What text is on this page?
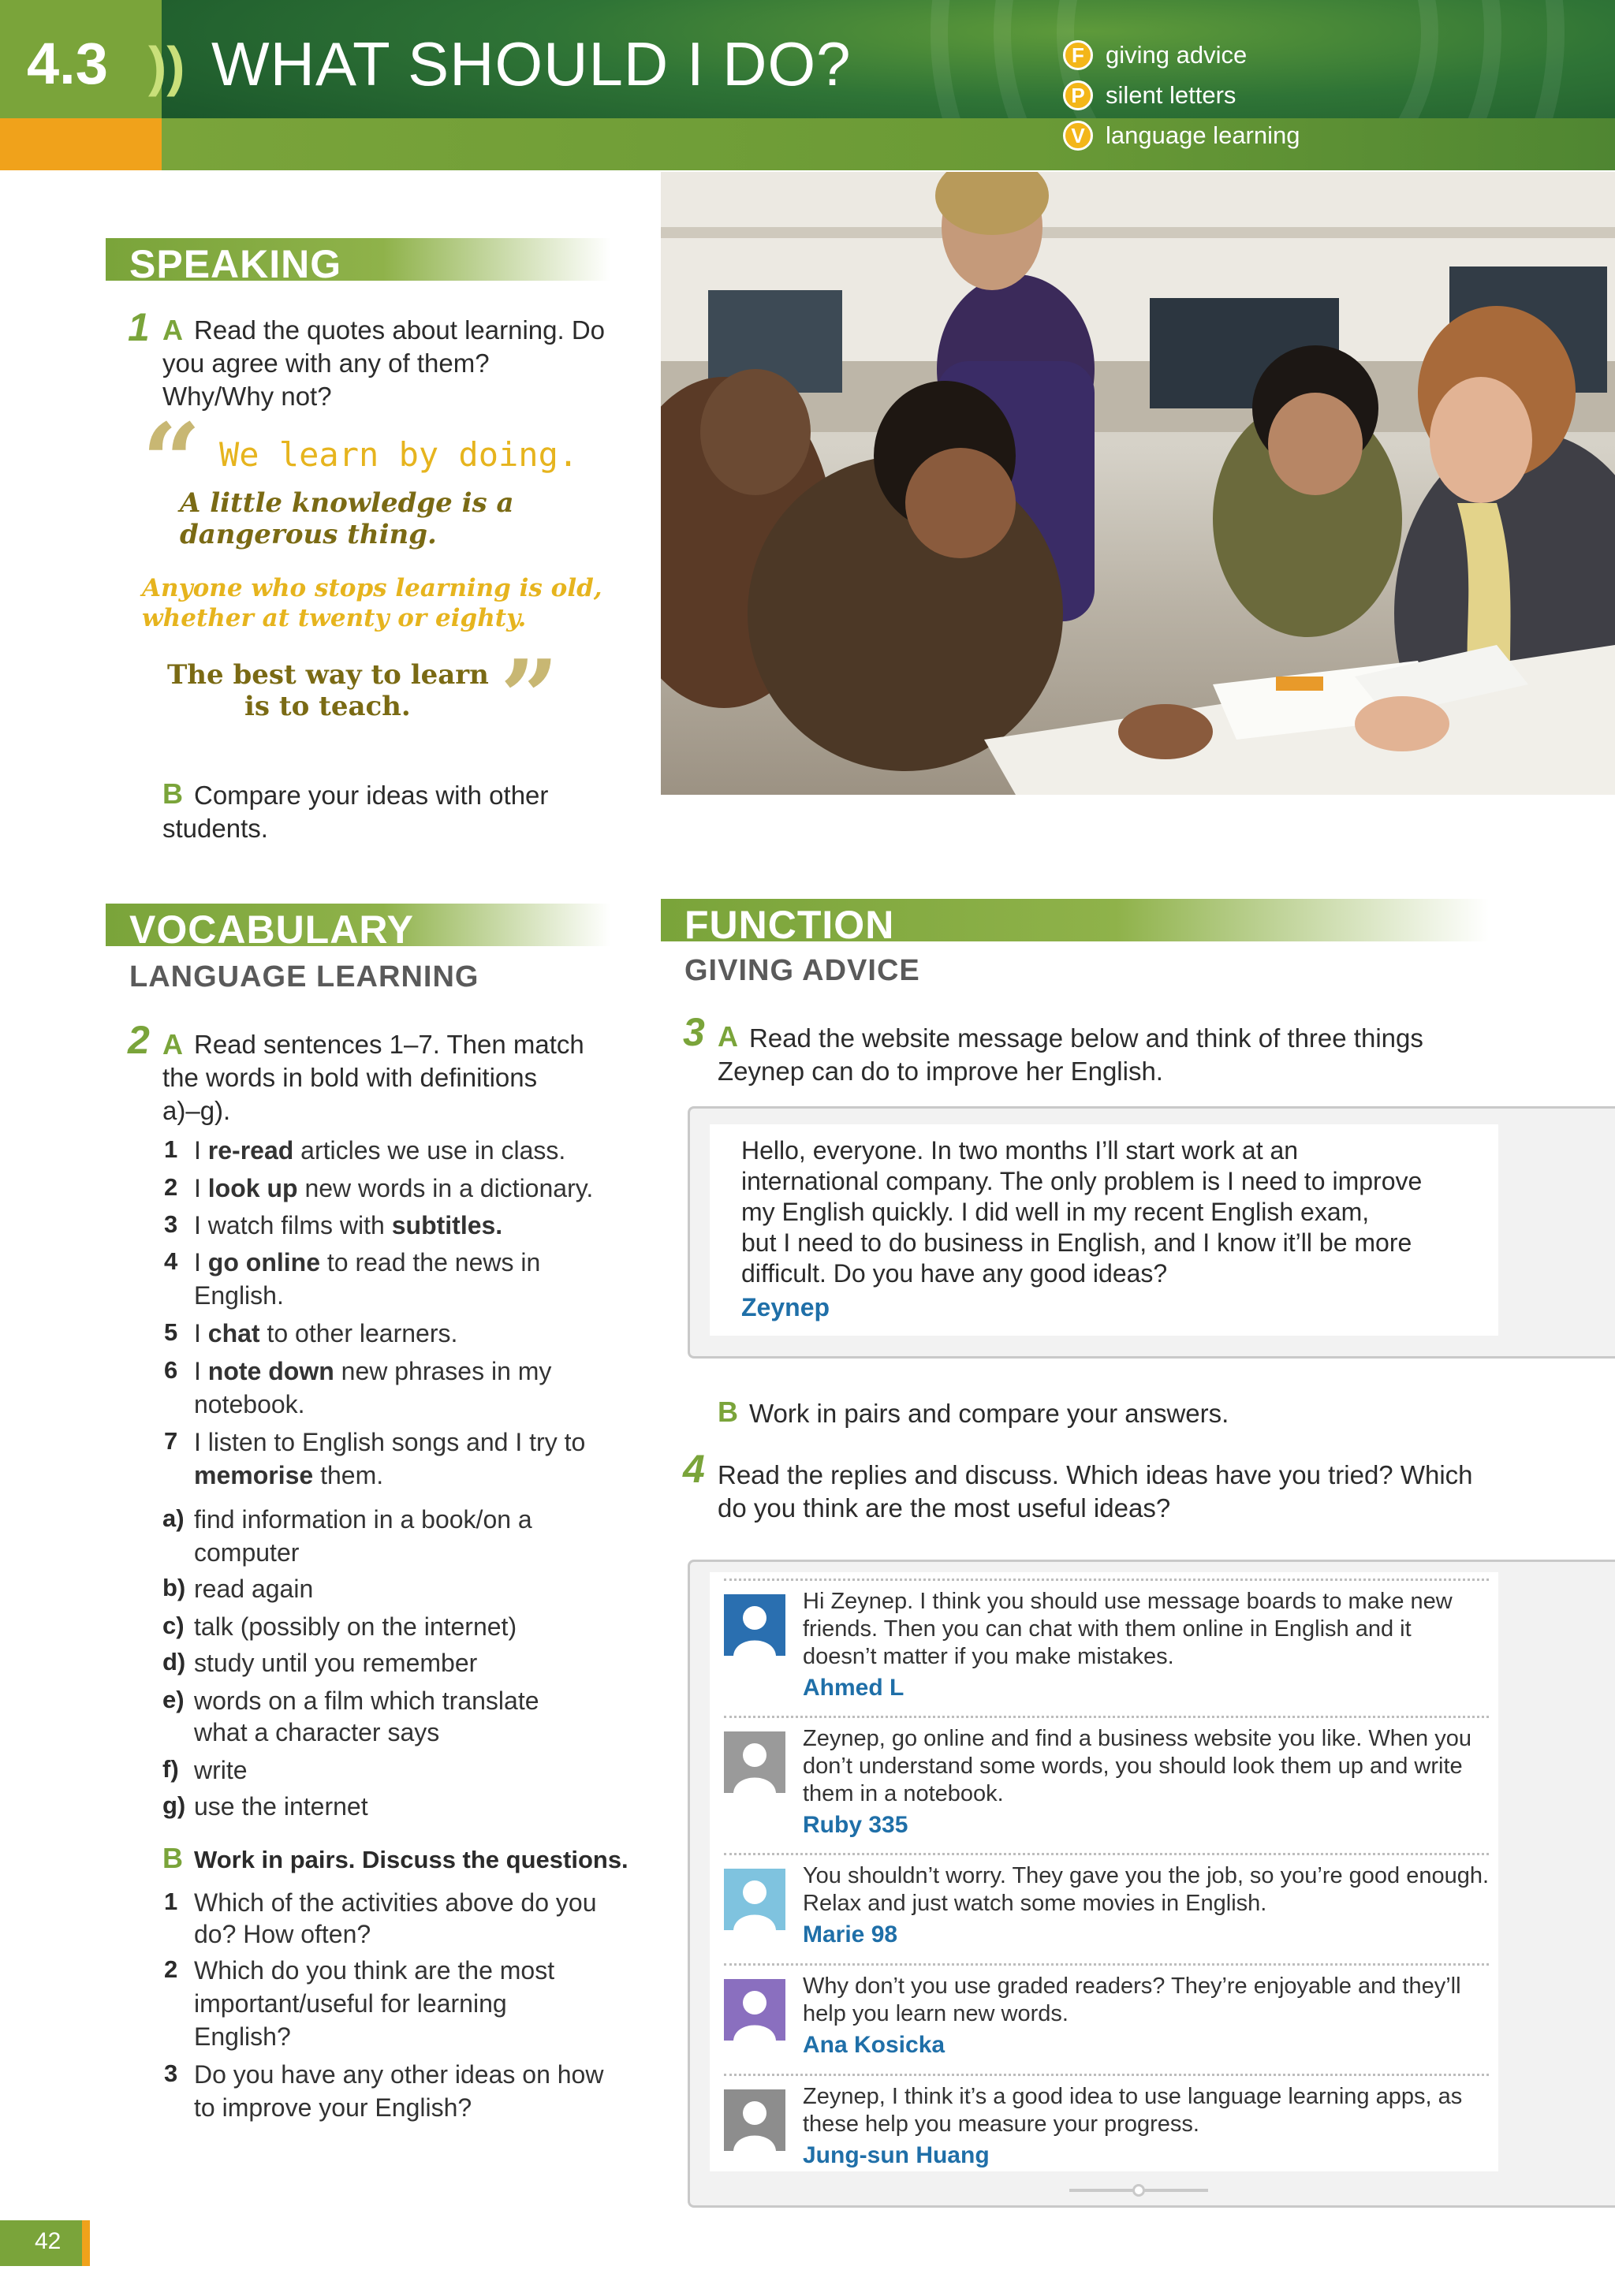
4.3 )) WHAT SHOULD I DO?	F giving advice
P silent letters
V language learning
SPEAKING
1 A Read the quotes about learning. Do
you agree with any of them?
Why/Why not?
“ We learn by doing.
A little knowledge is a
dangerous thing.
Anyone who stops learning is old,
whether at twenty or eighty.
The best way to learn
is to teach. ”
B Compare your ideas with other
students.
VOCABULARY
LANGUAGE LEARNING
2 A Read sentences 1–7. Then match
the words in bold with definitions
a)–g).
1 I re-read articles we use in class.
2 I look up new words in a dictionary.
3 I watch films with subtitles.
4 I go online to read the news in
English.
5 I chat to other learners.
6 I note down new phrases in my
notebook.
7 I listen to English songs and I try to
memorise them.
a) find information in a book/on a
computer
b) read again
c) talk (possibly on the internet)
d) study until you remember
e) words on a film which translate
what a character says
f) write
g) use the internet
B Work in pairs. Discuss the questions.
1 Which of the activities above do you
do? How often?
2 Which do you think are the most
important/useful for learning
English?
3 Do you have any other ideas on how
to improve your English?
FUNCTION
GIVING ADVICE
3 A Read the website message below and think of three things
Zeynep can do to improve her English.
Hello, everyone. In two months I’ll start work at an
international company. The only problem is I need to improve
my English quickly. I did well in my recent English exam,
but I need to do business in English, and I know it’ll be more
difficult. Do you have any good ideas?
Zeynep
B Work in pairs and compare your answers.
4 Read the replies and discuss. Which ideas have you tried? Which
do you think are the most useful ideas?
Hi Zeynep. I think you should use message boards to make new
friends. Then you can chat with them online in English and it
doesn’t matter if you make mistakes.
Ahmed L
Zeynep, go online and find a business website you like. When you
don’t understand some words, you should look them up and write
them in a notebook.
Ruby 335
You shouldn’t worry. They gave you the job, so you’re good enough.
Relax and just watch some movies in English.
Marie 98
Why don’t you use graded readers? They’re enjoyable and they’ll
help you learn new words.
Ana Kosicka
Zeynep, I think it’s a good idea to use language learning apps, as
these help you measure your progress.
Jung-sun Huang
42
